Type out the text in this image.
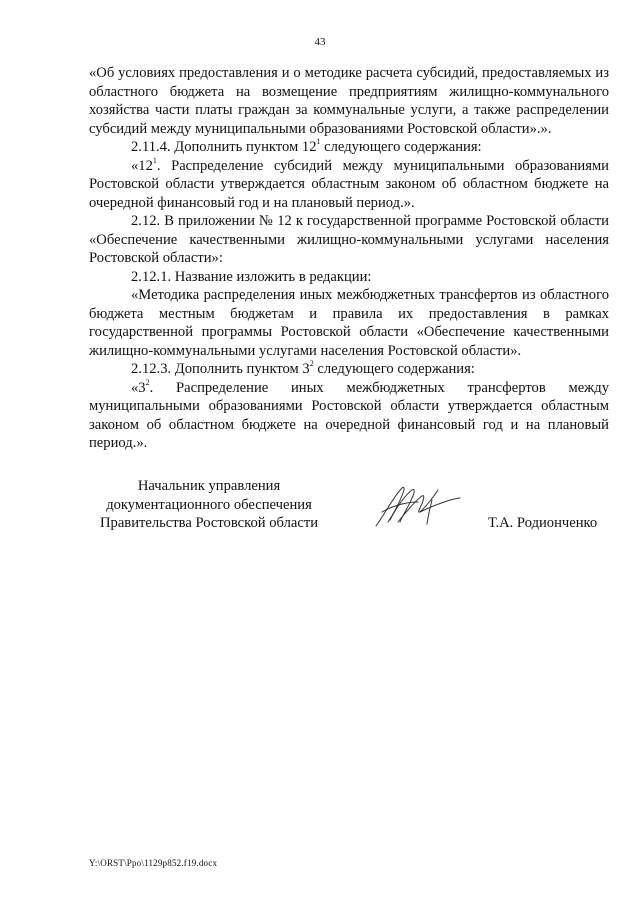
43

«Об условиях предоставления и о методике расчета субсидий, предоставляемых из областного бюджета на возмещение предприятиям жилищно-коммунального хозяйства части платы граждан за коммунальные услуги, а также распределении субсидий между муниципальными образованиями Ростовской области».».

2.11.4. Дополнить пунктом $12^1$ следующего содержания:

«$12^1$. Распределение субсидий между муниципальными образованиями Ростовской области утверждается областным законом об областном бюджете на очередной финансовый год и на плановый период.».

2.12. В приложении № 12 к государственной программе Ростовской области «Обеспечение качественными жилищно-коммунальными услугами населения Ростовской области»:

2.12.1. Название изложить в редакции:

«Методика распределения иных межбюджетных трансфертов из областного бюджета местным бюджетам и правила их предоставления в рамках государственной программы Ростовской области «Обеспечение качественными жилищно-коммунальными услугами населения Ростовской области».

2.12.3. Дополнить пунктом $3^2$ следующего содержания:

«$3^2$. Распределение иных межбюджетных трансфертов между муниципальными образованиями Ростовской области утверждается областным законом об областном бюджете на очередной финансовый год и на плановый период.».

Начальник управления
документационного обеспечения
Правительства Ростовской области	Т.А. Родионченко
Y:\ORST\Ppo\1129p852.f19.docx
